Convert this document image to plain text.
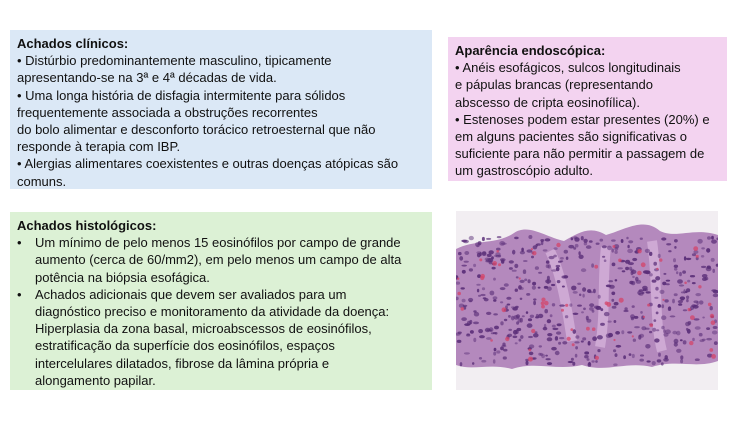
Achados clínicos:
• Distúrbio predominantemente masculino, tipicamente
apresentando-se na 3ª e 4ª décadas de vida.
• Uma longa história de disfagia intermitente para sólidos
frequentemente associada a obstruções recorrentes
do bolo alimentar e desconforto torácico retroesternal que não
responde à terapia com IBP.
• Alergias alimentares coexistentes e outras doenças atópicas são
comuns.
Aparência endoscópica:
• Anéis esofágicos, sulcos longitudinais
e pápulas brancas (representando
abscesso de cripta eosinofílica).
• Estenoses podem estar presentes (20%) e
em alguns pacientes são significativas o
suficiente para não permitir a passagem de
um gastroscópio adulto.
Achados histológicos:
•	Um mínimo de pelo menos 15 eosinófilos por campo de grande
aumento (cerca de 60/mm2), em pelo menos um campo de alta
potência na biópsia esofágica.
•	Achados adicionais que devem ser avaliados para um
diagnóstico preciso e monitoramento da atividade da doença:
Hiperplasia da zona basal, microabscessos de eosinófilos,
estratificação da superfície dos eosinófilos, espaços
intercelulares dilatados, fibrose da lâmina própria e
alongamento papilar.
